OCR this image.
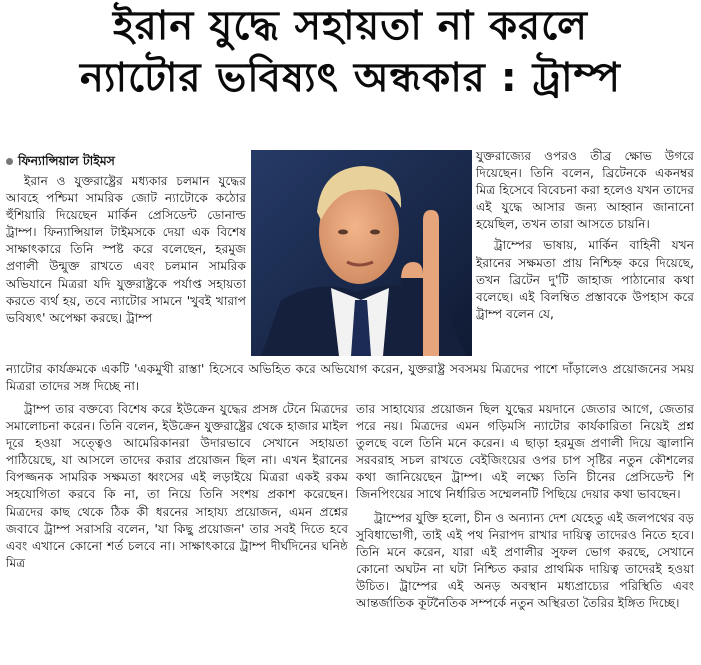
ইরান যুদ্ধে সহায়তা না করলে
ন্যাটোর ভবিষ্যৎ অন্ধকার : ট্রাম্প

ফিন্যান্সিয়াল টাইমস

ইরান ও যুক্তরাষ্ট্রের মধ্যকার চলমান যুদ্ধের আবহে পশ্চিমা সামরিক জোট ন্যাটোকে কঠোর হুঁশিয়ারি দিয়েছেন মার্কিন প্রেসিডেন্ট ডোনাল্ড ট্রাম্প। ফিন্যান্সিয়াল টাইমসকে দেয়া এক বিশেষ সাক্ষাৎকারে তিনি স্পষ্ট করে বলেছেন, হরমুজ প্রণালী উন্মুক্ত রাখতে এবং চলমান সামরিক অভিযানে মিত্ররা যদি যুক্তরাষ্ট্রকে পর্যাপ্ত সহায়তা করতে ব্যর্থ হয়, তবে ন্যাটোর সামনে 'খুবই খারাপ ভবিষ্যৎ' অপেক্ষা করছে। ট্রাম্প

যুক্তরাজ্যের ওপরও তীব্র ক্ষোভ উগরে দিয়েছেন। তিনি বলেন, ব্রিটেনকে একনম্বর মিত্র হিসেবে বিবেচনা করা হলেও যখন তাদের এই যুদ্ধে আসার জন্য আহ্বান জানানো হয়েছিল, তখন তারা আসতে চায়নি।

ট্রাম্পের ভাষায়, মার্কিন বাহিনী যখন ইরানের সক্ষমতা প্রায় নিশ্চিহ্ন করে দিয়েছে, তখন ব্রিটেন দু'টি জাহাজ পাঠানোর কথা বলেছে। এই বিলম্বিত প্রস্তাবকে উপহাস করে ট্রাম্প বলেন যে,

ন্যাটোর কার্যক্রমকে একটি 'একমুখী রাস্তা' হিসেবে অভিহিত করে অভিযোগ করেন, যুক্তরাষ্ট্র সবসময় মিত্রদের পাশে দাঁড়ালেও প্রয়োজনের সময় মিত্ররা তাদের সঙ্গ দিচ্ছে না।

ট্রাম্প তার বক্তব্যে বিশেষ করে ইউক্রেন যুদ্ধের প্রসঙ্গ টেনে মিত্রদের সমালোচনা করেন। তিনি বলেন, ইউক্রেন যুক্তরাষ্ট্রের থেকে হাজার মাইল দূরে হওয়া সত্ত্বেও আমেরিকানরা উদারভাবে সেখানে সহায়তা পাঠিয়েছে, যা আসলে তাদের করার প্রয়োজন ছিল না। এখন ইরানের বিপজ্জনক সামরিক সক্ষমতা ধ্বংসের এই লড়াইয়ে মিত্ররা একই রকম সহযোগিতা করবে কি না, তা নিয়ে তিনি সংশয় প্রকাশ করেছেন। মিত্রদের কাছ থেকে ঠিক কী ধরনের সাহায্য প্রয়োজন, এমন প্রশ্নের জবাবে ট্রাম্প সরাসরি বলেন, 'যা কিছু প্রয়োজন' তার সবই দিতে হবে এবং এখানে কোনো শর্ত চলবে না। সাক্ষাৎকারে ট্রাম্প দীর্ঘদিনের ঘনিষ্ঠ মিত্র

তার সাহায্যের প্রয়োজন ছিল যুদ্ধের ময়দানে জেতার আগে, জেতার পরে নয়। মিত্রদের এমন গড়িমসি ন্যাটোর কার্যকারিতা নিয়েই প্রশ্ন তুলছে বলে তিনি মনে করেন। এ ছাড়া হরমুজ প্রণালী দিয়ে জ্বালানি সরবরাহ সচল রাখতে বেইজিংয়ের ওপর চাপ সৃষ্টির নতুন কৌশলের কথা জানিয়েছেন ট্রাম্প। এই লক্ষ্যে তিনি চীনের প্রেসিডেন্ট শি জিনপিংয়ের সাথে নির্ধারিত সম্মেলনটি পিছিয়ে দেয়ার কথা ভাবছেন।

ট্রাম্পের যুক্তি হলো, চীন ও অন্যান্য দেশ যেহেতু এই জলপথের বড় সুবিধাভোগী, তাই এই পথ নিরাপদ রাখার দায়িত্ব তাদেরও নিতে হবে। তিনি মনে করেন, যারা এই প্রণালীর সুফল ভোগ করছে, সেখানে কোনো অঘটন না ঘটা নিশ্চিত করার প্রাথমিক দায়িত্ব তাদেরই হওয়া উচিত। ট্রাম্পের এই অনড় অবস্থান মধ্যপ্রাচ্যের পরিস্থিতি এবং আন্তর্জাতিক কূটনৈতিক সম্পর্কে নতুন অস্থিরতা তৈরির ইঙ্গিত দিচ্ছে।
